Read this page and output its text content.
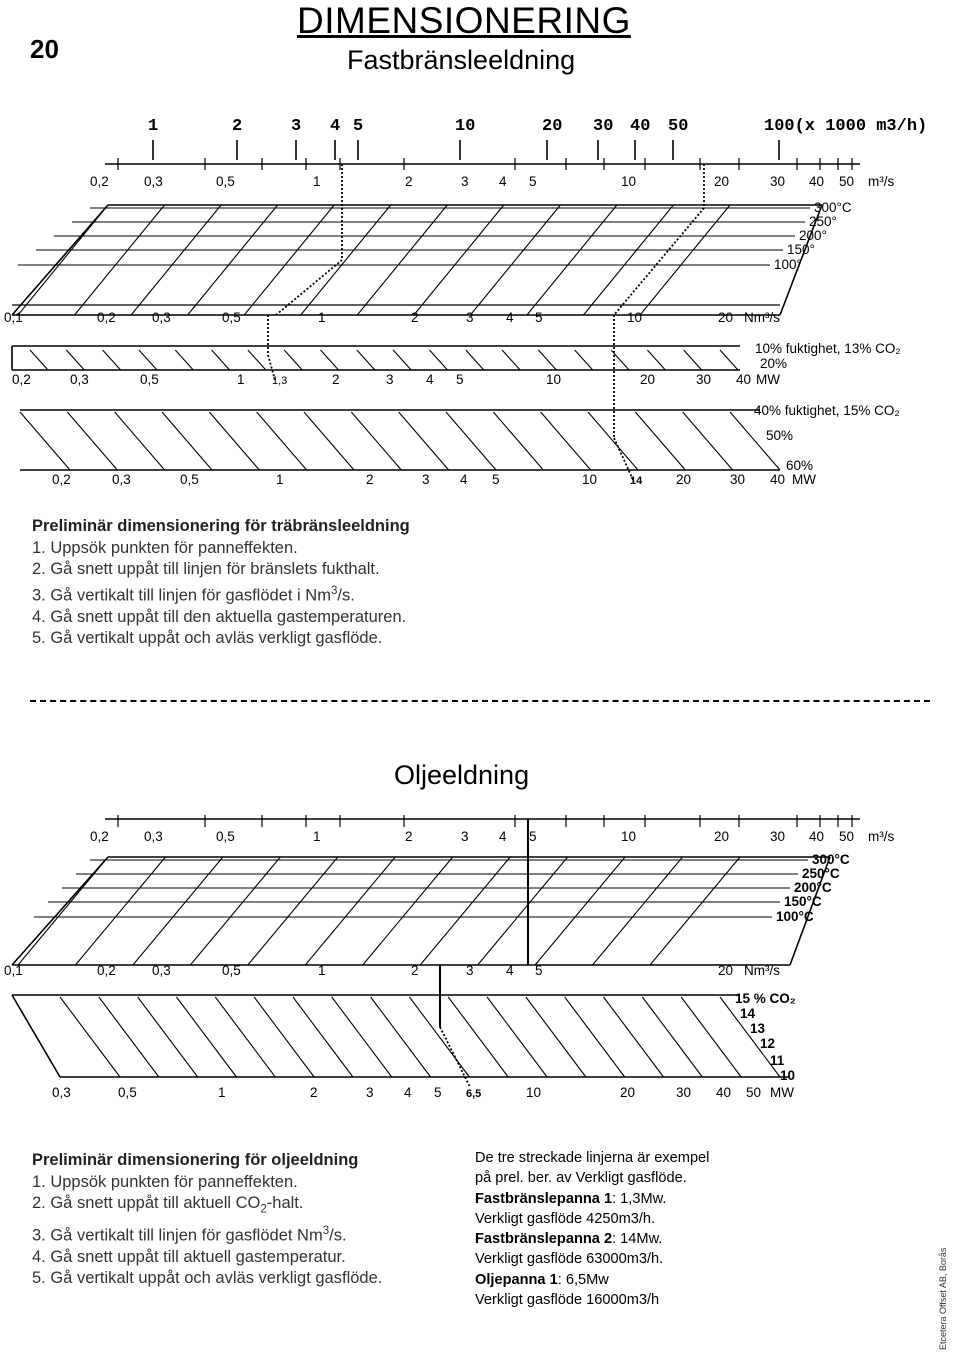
20
DIMENSIONERING
Fastbränsleeldning
1	2	3 4 5	10	20 30 40 50	100(x 1000 m3/h)
0,2	0,3	0,5	1	2	3 4 5	10	20	30 40 50 m³/s
300°C
250°
200°
150°
100°
0,1	0,2	0,3	0,5	1	2	3 4 5	10	20 Nm³/s
10% fuktighet, 13% CO₂
20%
0,2	0,3	0,5	1 1,3	2	3 4 5	10	20	30 40 MW
40% fuktighet, 15% CO₂
50%
60%
0,2	0,3	0,5	1	2	3 4 5	10	14	20	30 40 MW
Preliminär dimensionering för träbränsleeldning
1. Uppsök punkten för panneffekten.
2. Gå snett uppåt till linjen för bränslets fukthalt.
3. Gå vertikalt till linjen för gasflödet i Nm$^3$/s.
4. Gå snett uppåt till den aktuella gastemperaturen.
5. Gå vertikalt uppåt och avläs verkligt gasflöde.
Oljeeldning
0,2	0,3	0,5	1	2	3 4 5	10	20	30 40 50 m³/s
300°C
250°C
200°C
150°C
100°C
0,1	0,2	0,3	0,5	1	2	3 4 5	20 Nm³/s
15 % CO₂
14
13
12
11
10
0,3	0,5	1	2	3 4 5 6,5	10	20	30 40 50 MW
Preliminär dimensionering för oljeeldning
1. Uppsök punkten för panneffekten.
2. Gå snett uppåt till aktuell $CO_2$-halt.
3. Gå vertikalt till linjen för gasflödet Nm$^3$/s.
4. Gå snett uppåt till aktuell gastemperatur.
5. Gå vertikalt uppåt och avläs verkligt gasflöde.
De tre streckade linjerna är exempel
på prel. ber. av Verkligt gasflöde.
Fastbränslepanna 1: 1,3Mw.
Verkligt gasflöde 4250m3/h.
Fastbränslepanna 2: 14Mw.
Verkligt gasflöde 63000m3/h.
Oljepanna 1: 6,5Mw
Verkligt gasflöde 16000m3/h	Etcetera Offset AB, Borås
